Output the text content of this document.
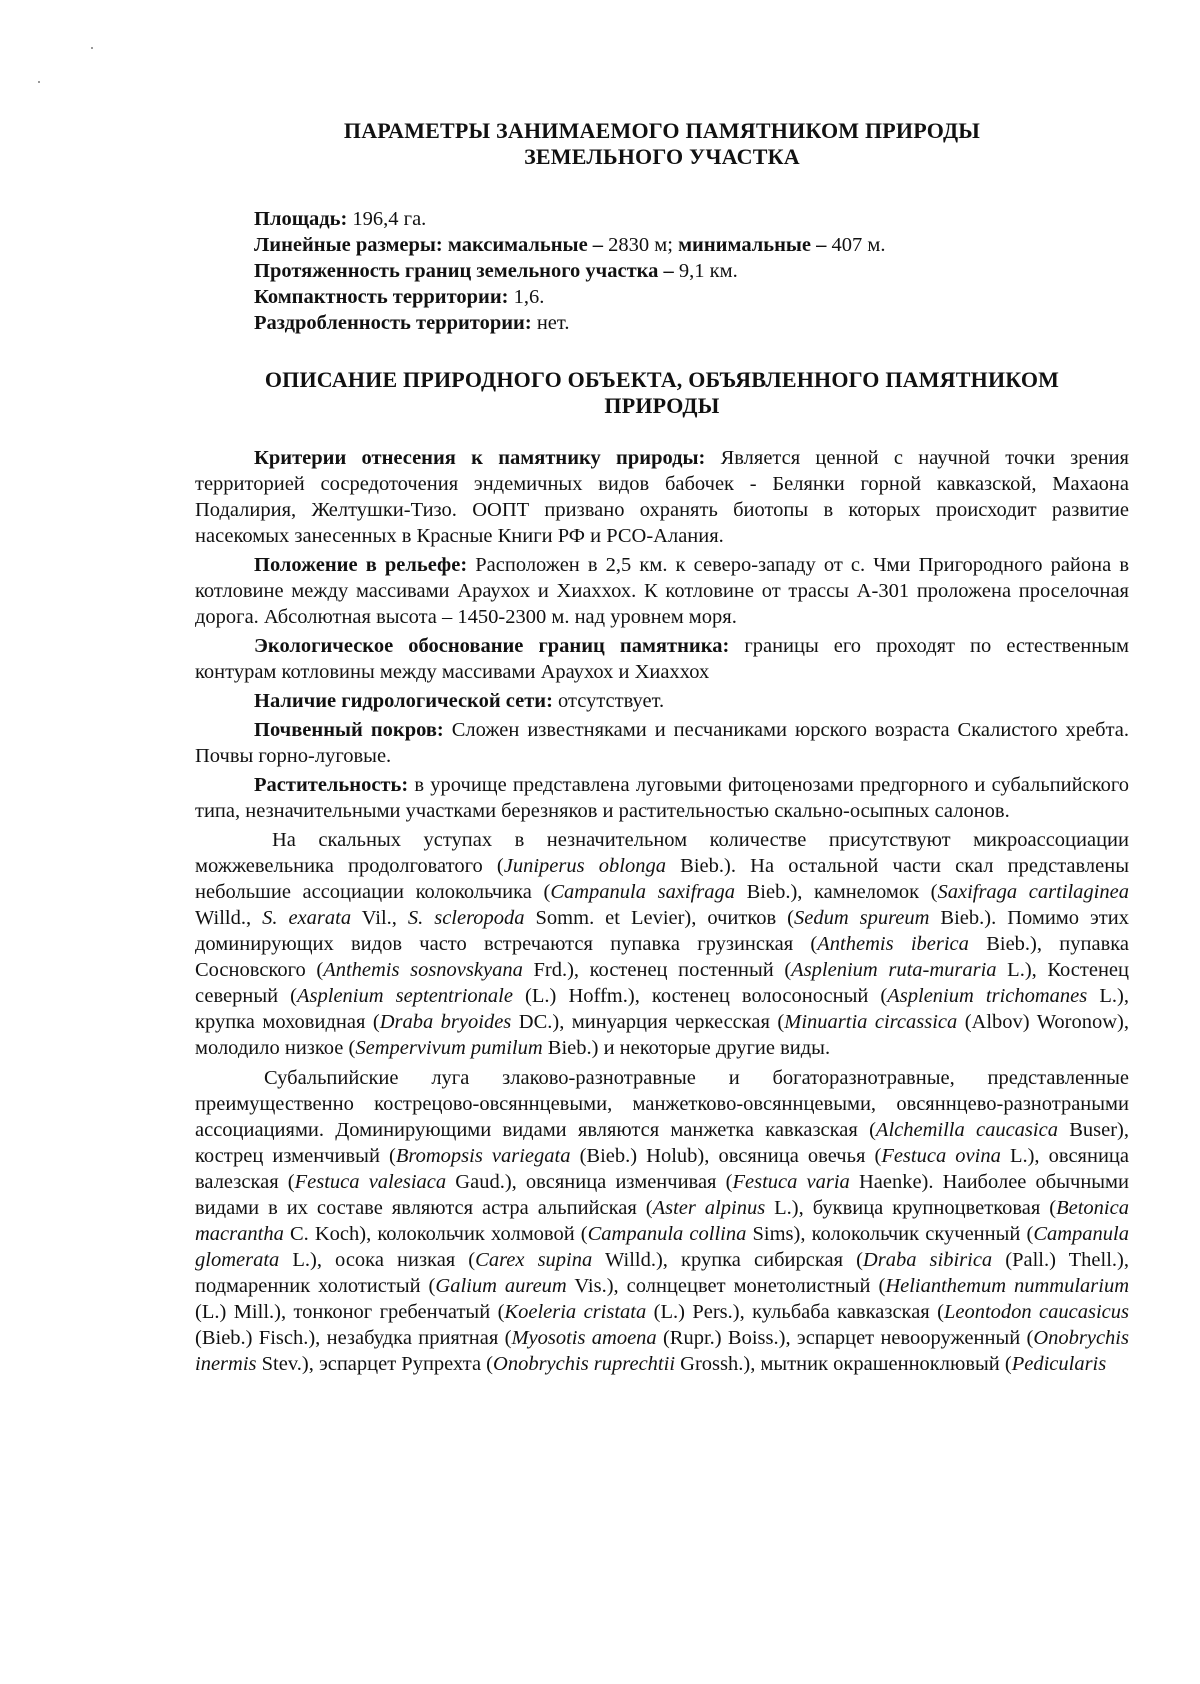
ПАРАМЕТРЫ ЗАНИМАЕМОГО ПАМЯТНИКОМ ПРИРОДЫ
ЗЕМЕЛЬНОГО УЧАСТКА
Площадь: 196,4 га.
Линейные размеры: максимальные – 2830 м; минимальные – 407 м.
Протяженность границ земельного участка – 9,1 км.
Компактность территории: 1,6.
Раздробленность территории: нет.
ОПИСАНИЕ ПРИРОДНОГО ОБЪЕКТА, ОБЪЯВЛЕННОГО ПАМЯТНИКОМ
ПРИРОДЫ

Критерии отнесения к памятнику природы: Является ценной с научной точки зрения территорией сосредоточения эндемичных видов бабочек - Белянки горной кавказской, Махаона Подалирия, Желтушки-Тизо. ООПТ призвано охранять биотопы в которых происходит развитие насекомых занесенных в Красные Книги РФ и РСО-Алания.

Положение в рельефе: Расположен в 2,5 км. к северо-западу от с. Чми Пригородного района в котловине между массивами Араухох и Хиаххох. К котловине от трассы А-301 проложена проселочная дорога. Абсолютная высота – 1450-2300 м. над уровнем моря.

Экологическое обоснование границ памятника: границы его проходят по естественным контурам котловины между массивами Араухох и Хиаххох

Наличие гидрологической сети: отсутствует.

Почвенный покров: Сложен известняками и песчаниками юрского возраста Скалистого хребта. Почвы горно-луговые.

Растительность: в урочище представлена луговыми фитоценозами предгорного и субальпийского типа, незначительными участками березняков и растительностью скально-осыпных салонов.

На скальных уступах в незначительном количестве присутствуют микроассоциации можжевельника продолговатого (Juniperus oblonga Bieb.). На остальной части скал представлены небольшие ассоциации колокольчика (Campanula saxifraga Bieb.), камнеломок (Saxifraga cartilaginea Willd., S. exarata Vil., S. scleropoda Somm. et Levier), очитков (Sedum spureum Bieb.). Помимо этих доминирующих видов часто встречаются пупавка грузинская (Anthemis iberica Bieb.), пупавка Сосновского (Anthemis sosnovskyana Frd.), костенец постенный (Asplenium ruta-muraria L.), Костенец северный (Asplenium septentrionale (L.) Hoffm.), костенец волосоносный (Asplenium trichomanes L.), крупка моховидная (Draba bryoides DC.), минуарция черкесская (Minuartia circassica (Albov) Woronow), молодило низкое (Sempervivum pumilum Bieb.) и некоторые другие виды.

Субальпийские луга злаково-разнотравные и богаторазнотравные, представленные преимущественно кострецово-овсяннцевыми, манжетково-овсяннцевыми, овсяннцево-разнотраными ассоциациями. Доминирующими видами являются манжетка кавказская (Alchemilla caucasica Buser), кострец изменчивый (Bromopsis variegata (Bieb.) Holub), овсяница овечья (Festuca ovina L.), овсяница валезская (Festuca valesiaca Gaud.), овсяница изменчивая (Festuca varia Haenke). Наиболее обычными видами в их составе являются астра альпийская (Aster alpinus L.), буквица крупноцветковая (Betonica macrantha C. Koch), колокольчик холмовой (Campanula collina Sims), колокольчик скученный (Campanula glomerata L.), осока низкая (Carex supina Willd.), крупка сибирская (Draba sibirica (Pall.) Thell.), подмаренник холотистый (Galium aureum Vis.), солнцецвет монетолистный (Helianthemum nummularium (L.) Mill.), тонконог гребенчатый (Koeleria cristata (L.) Pers.), кульбаба кавказская (Leontodon caucasicus (Bieb.) Fisch.), незабудка приятная (Myosotis amoena (Rupr.) Boiss.), эспарцет невооруженный (Onobrychis inermis Stev.), эспарцет Рупрехта (Onobrychis ruprechtii Grossh.), мытник окрашенноклювый (Pedicularis
